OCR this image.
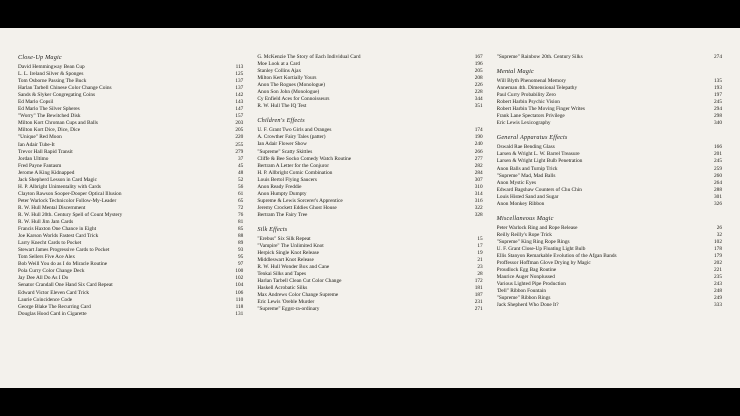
Close-Up Magic
David Hemmingway Bean Cup	113
L. L. Ireland Silver & Sponges	125
Tom Osborne Passing The Buck	137
Harlan Tarbell Chinese Color Change Coins	137
Sands & Slyker Congregating Coins	142
Ed Marlo Copsil	143
Ed Marlo The Silver Spheres	147
"Worry" The Bewitched Disk	157
Milton Kort Chroman Cups and Balls	203
Milton Kort Dice, Dice, Dice	205
"Unique" Red Moon	220
Ian Adair Tube-It	255
Trevor Hall Rapid Transit	279
Jordan Ultimo	37
Fred Payne Fantasm	45
Jerome A King Kidnapped	48
Jack Shepherd Lesson in Card Magic	52
H. P. Albright Unimentality with Cards	56
Clayton Rawson Sooper-Dooper Optical Illusion	61
Peter Warlock Technicolor Follow-My-Leader	65
R. W. Hull Mental Discernment	72
R. W. Hull 20th. Century Spell of Count Mystery	76
R. W. Hull Jim Jam Cards	81
Francis Haxton One Chance in Eight	85
Joe Karson Worlds Fastest Card Trick	88
Larry Knecht Cards to Pocket	89
Stewart James Progressive Cards to Pocket	93
Tom Sellers Five Ace Alex	95
Bob Weill You do as I do Miracle Routine	97
Pola Curry Color Change Deck	100
Jay Dee All Do As I Do	102
Senator Crandall One Hand Six Card Repeat	104
Edward Victor Eleven Card Trick	106
Laurie Coincidence Code	110
George Blake The Recurring Card	118
Douglas Hood Card in Cigarette	131
G. McKenzie The Story of Each Individual Card	167
Moe Look at a Card	196
Stanley Collins Ajax	205
Milton Kert Kortially Yours	208
Anon The Rogues (Monologue)	226
Anon Son John (Monologue)	228
Cy Enfield Aces for Connoisseurs	344
R. W. Hull The IQ Test	351
Children's Effects
U. F. Grant Two Girls and Oranges	174
A. Crowther Fairy Tales (patter)	190
Ian Adair Flower Show	240
"Supreme" Scatty Skittles	266
Cliffe & Bee Socko Comedy Watch Routine	277
Bertram A Letter for the Conjuror	282
H. P. Allbright Comic Combination	284
Louis Bertol Flying Saucers	307
Anon Ready Freddie	310
Anon Humpty Dumpty	314
Supreme & Lewis Sorcerer's Apprentice	316
Jeremy Crockett Eddies Ghost House	322
Bertram The Fairy Tree	328
Silk Effects
"Erebus" Six Silk Repeat	15
"Vampire" The Unlimited Knot	17
Herpick Single Knot Release	19
Middleswart Knot Release	21
R. W. Hull Wonder Box and Cane	23
Tenkai Silks and Tapes	28
Harlan Tarbell Clean Cut Color Change	172
Haskell Acrobatic Silks	181
Max Andrews Color Change Supreme	187
Eric Lewis 'Oreble Murder	231
"Supreme" Eggst-ra-ordinary	271
"Supreme" Rainbow 20th. Century Silks	274
Mental Magic
Will Blyth Phenomenal Memory	135
Anneman 4th. Dimensional Telepathy	193
Paul Curry Probability Zero	197
Robert Harbin Psychic Vision	245
Robert Harbin The Moving Finger Writes	294
Frank Lane Spectators Privilege	298
Eric Lewis Lexicography	340
General Apparatus Effects
Oswald Rae Bending Glass	166
Larsen & Wright L. W. Barrel Treasure	201
Larsen & Wright Light Bulb Penetration	245
Anon Balls and Turnip Trick	259
"Supreme" Mad, Mad Balls	260
Anon Mystic Eyes	264
Edward Bagshaw Counters of Chu Chin	288
Louis Histed Sand and Sugar	301
Anon Monkey Ribbon	326
Miscellaneous Magic
Peter Warlock Ring and Rope Release	26
Reilly Reilly's Rope Trick	32
"Supreme" King Ring Rope Rings	102
U. F. Grant Close-Up Floating Light Bulb	178
Ellis Stanyon Remarkable Evolution of the Afgan Bands	179
Proffessor Hoffman Glove Drying by Magic	202
Proudlock Egg Bag Routine	221
Maurice Auger Nonplussed	235
Various Lighted Pipe Production	243
'Dell" Ribbon Fountain	248
"Supreme" Ribbon Rings	249
Jack Shepherd Who Done It?	333
